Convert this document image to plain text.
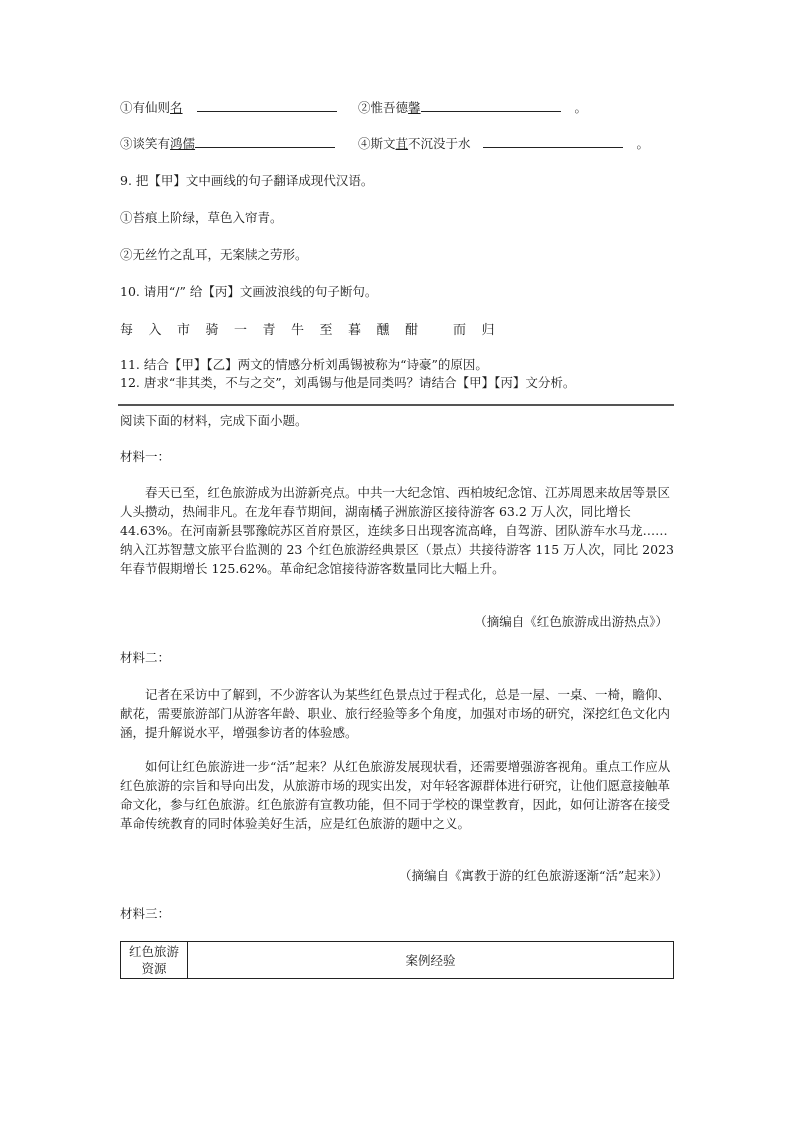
①有仙则名	②惟吾德馨	。
③谈笑有鸿儒	④斯文苴不沉没于水	。
9. 把【甲】文中画线的句子翻译成现代汉语。
①苔痕上阶绿，草色入帘青。
②无丝竹之乱耳，无案牍之劳形。
10. 请用“/” 给【丙】文画波浪线的句子断句。
每 入 市 骑 一 青 牛 至 暮 醺 酣	而 归
11. 结合【甲】【乙】两文的情感分析刘禹锡被称为“诗豪”的原因。
12. 唐求“非其类，不与之交”，刘禹锡与他是同类吗？请结合【甲】【丙】文分析。
阅读下面的材料，完成下面小题。
材料一：
春天已至，红色旅游成为出游新亮点。中共一大纪念馆、西柏坡纪念馆、江苏周恩来故居等景区人头攒动，热闹非凡。在龙年春节期间，湖南橘子洲旅游区接待游客 63.2 万人次，同比增长 44.63%。在河南新县鄂豫皖苏区首府景区，连续多日出现客流高峰，自驾游、团队游车水马龙……纳入江苏智慧文旅平台监测的 23 个红色旅游经典景区（景点）共接待游客 115 万人次，同比 2023 年春节假期增长 125.62%。革命纪念馆接待游客数量同比大幅上升。
（摘编自《红色旅游成出游热点》）
材料二：
记者在采访中了解到，不少游客认为某些红色景点过于程式化，总是一屋、一桌、一椅，瞻仰、献花，需要旅游部门从游客年龄、职业、旅行经验等多个角度，加强对市场的研究，深挖红色文化内涵，提升解说水平，增强参访者的体验感。
如何让红色旅游进一步“活”起来？从红色旅游发展现状看，还需要增强游客视角。重点工作应从红色旅游的宗旨和导向出发，从旅游市场的现实出发，对年轻客源群体进行研究，让他们愿意接触革命文化，参与红色旅游。红色旅游有宣教功能，但不同于学校的课堂教育，因此，如何让游客在接受革命传统教育的同时体验美好生活，应是红色旅游的题中之义。
（摘编自《寓教于游的红色旅游逐渐“活”起来》）
材料三：
红色旅游
资源	案例经验
